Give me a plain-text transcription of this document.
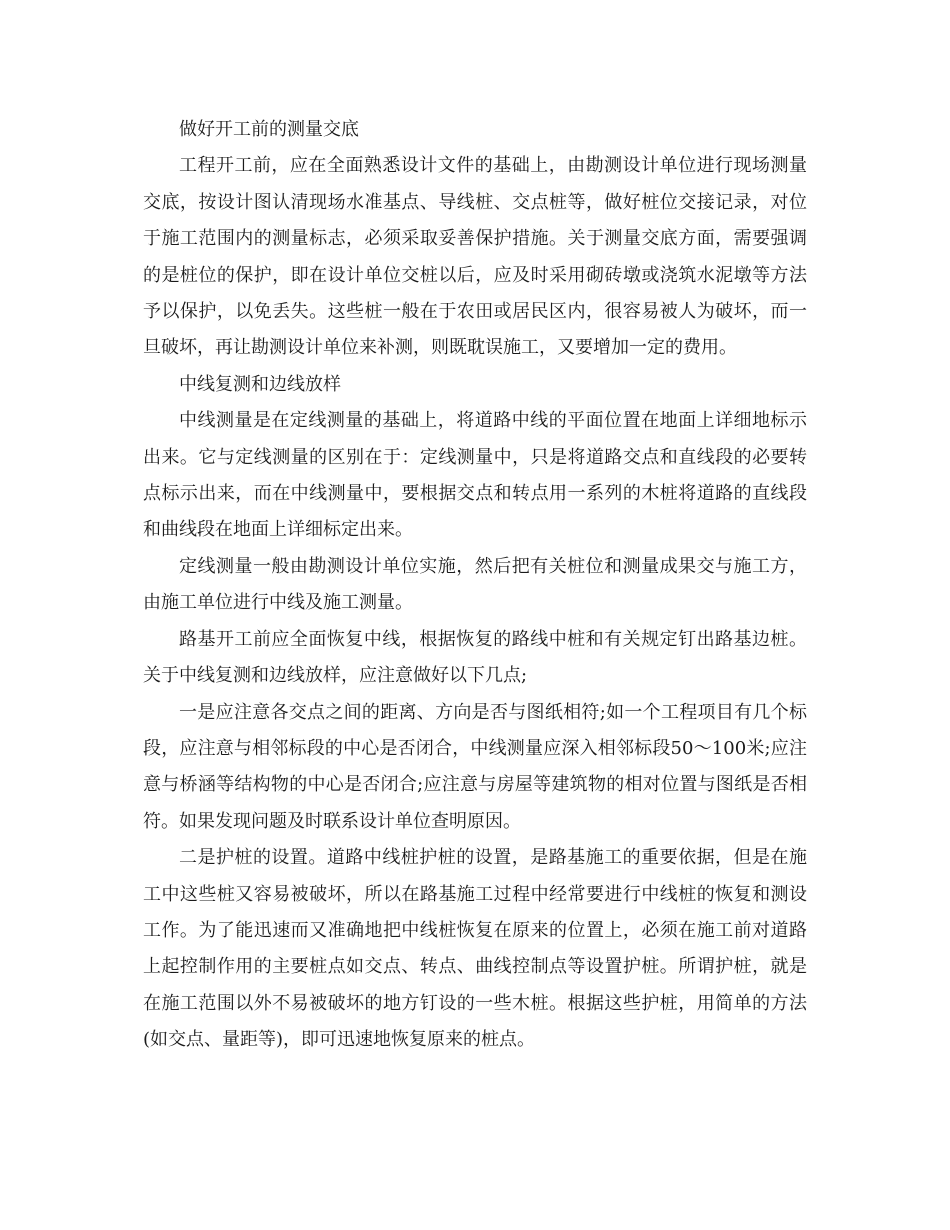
做好开工前的测量交底

工程开工前，应在全面熟悉设计文件的基础上，由勘测设计单位进行现场测量交底，按设计图认清现场水准基点、导线桩、交点桩等，做好桩位交接记录，对位于施工范围内的测量标志，必须采取妥善保护措施。关于测量交底方面，需要强调的是桩位的保护，即在设计单位交桩以后，应及时采用砌砖墩或浇筑水泥墩等方法予以保护，以免丢失。这些桩一般在于农田或居民区内，很容易被人为破坏，而一旦破坏，再让勘测设计单位来补测，则既耽误施工，又要增加一定的费用。

中线复测和边线放样

中线测量是在定线测量的基础上，将道路中线的平面位置在地面上详细地标示出来。它与定线测量的区别在于：定线测量中，只是将道路交点和直线段的必要转点标示出来，而在中线测量中，要根据交点和转点用一系列的木桩将道路的直线段和曲线段在地面上详细标定出来。

定线测量一般由勘测设计单位实施，然后把有关桩位和测量成果交与施工方，由施工单位进行中线及施工测量。

路基开工前应全面恢复中线，根据恢复的路线中桩和有关规定钉出路基边桩。关于中线复测和边线放样，应注意做好以下几点;

一是应注意各交点之间的距离、方向是否与图纸相符;如一个工程项目有几个标段，应注意与相邻标段的中心是否闭合，中线测量应深入相邻标段50～100米;应注意与桥涵等结构物的中心是否闭合;应注意与房屋等建筑物的相对位置与图纸是否相符。如果发现问题及时联系设计单位查明原因。

二是护桩的设置。道路中线桩护桩的设置，是路基施工的重要依据，但是在施工中这些桩又容易被破坏，所以在路基施工过程中经常要进行中线桩的恢复和测设工作。为了能迅速而又准确地把中线桩恢复在原来的位置上，必须在施工前对道路上起控制作用的主要桩点如交点、转点、曲线控制点等设置护桩。所谓护桩，就是在施工范围以外不易被破坏的地方钉设的一些木桩。根据这些护桩，用简单的方法(如交点、量距等)，即可迅速地恢复原来的桩点。
